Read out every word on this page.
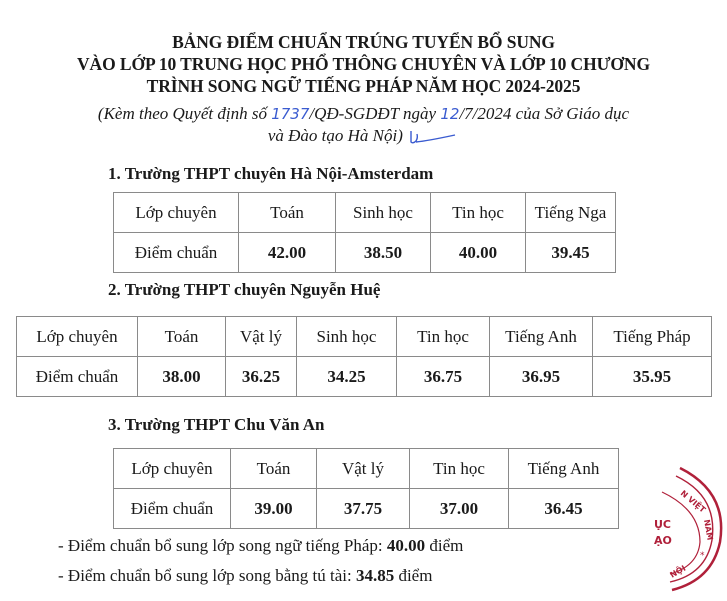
BẢNG ĐIỂM CHUẨN TRÚNG TUYỂN BỔ SUNG
VÀO LỚP 10 TRUNG HỌC PHỔ THÔNG CHUYÊN VÀ LỚP 10 CHƯƠNG
TRÌNH SONG NGỮ TIẾNG PHÁP NĂM HỌC 2024-2025
(Kèm theo Quyết định số 1737/QĐ-SGDĐT ngày 12/7/2024 của Sở Giáo dục
và Đào tạo Hà Nội)
1. Trường THPT chuyên Hà Nội-Amsterdam
Lớp chuyên	Toán	Sinh học	Tin học	Tiếng Nga
Điểm chuẩn	42.00	38.50	40.00	39.45
2. Trường THPT chuyên Nguyễn Huệ
Lớp chuyên	Toán	Vật lý	Sinh học	Tin học	Tiếng Anh	Tiếng Pháp
Điểm chuẩn	38.00	36.25	34.25	36.75	36.95	35.95
3. Trường THPT Chu Văn An
Lớp chuyên	Toán	Vật lý	Tin học	Tiếng Anh
Điểm chuẩn	39.00	37.75	37.00	36.45
- Điểm chuẩn bổ sung lớp song ngữ tiếng Pháp: 40.00 điểm
- Điểm chuẩn bổ sung lớp song bằng tú tài: 34.85 điểm
N VIỆT
NAM
*
NỘI
ỤC
ẠO
